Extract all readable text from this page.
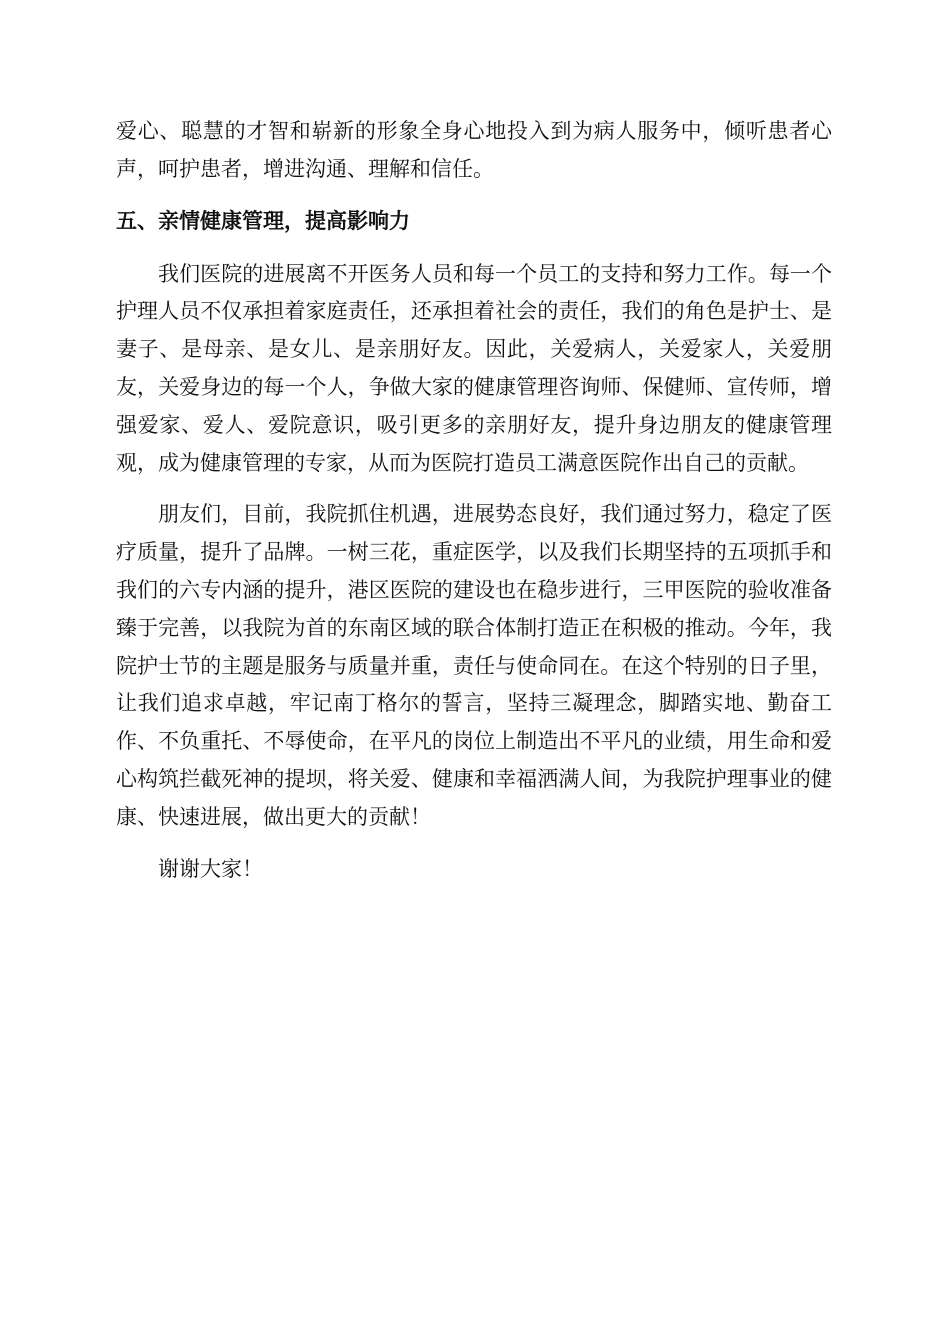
爱心、聪慧的才智和崭新的形象全身心地投入到为病人服务中，倾听患者心声，呵护患者，增进沟通、理解和信任。

五、亲情健康管理，提高影响力

我们医院的进展离不开医务人员和每一个员工的支持和努力工作。每一个护理人员不仅承担着家庭责任，还承担着社会的责任，我们的角色是护士、是妻子、是母亲、是女儿、是亲朋好友。因此，关爱病人，关爱家人，关爱朋友，关爱身边的每一个人，争做大家的健康管理咨询师、保健师、宣传师，增强爱家、爱人、爱院意识，吸引更多的亲朋好友，提升身边朋友的健康管理观，成为健康管理的专家，从而为医院打造员工满意医院作出自己的贡献。

朋友们，目前，我院抓住机遇，进展势态良好，我们通过努力，稳定了医疗质量，提升了品牌。一树三花，重症医学，以及我们长期坚持的五项抓手和我们的六专内涵的提升，港区医院的建设也在稳步进行，三甲医院的验收准备臻于完善，以我院为首的东南区域的联合体制打造正在积极的推动。今年，我院护士节的主题是服务与质量并重，责任与使命同在。在这个特别的日子里，让我们追求卓越，牢记南丁格尔的誓言，坚持三凝理念，脚踏实地、勤奋工作、不负重托、不辱使命，在平凡的岗位上制造出不平凡的业绩，用生命和爱心构筑拦截死神的提坝，将关爱、健康和幸福洒满人间，为我院护理事业的健康、快速进展，做出更大的贡献！

谢谢大家！
